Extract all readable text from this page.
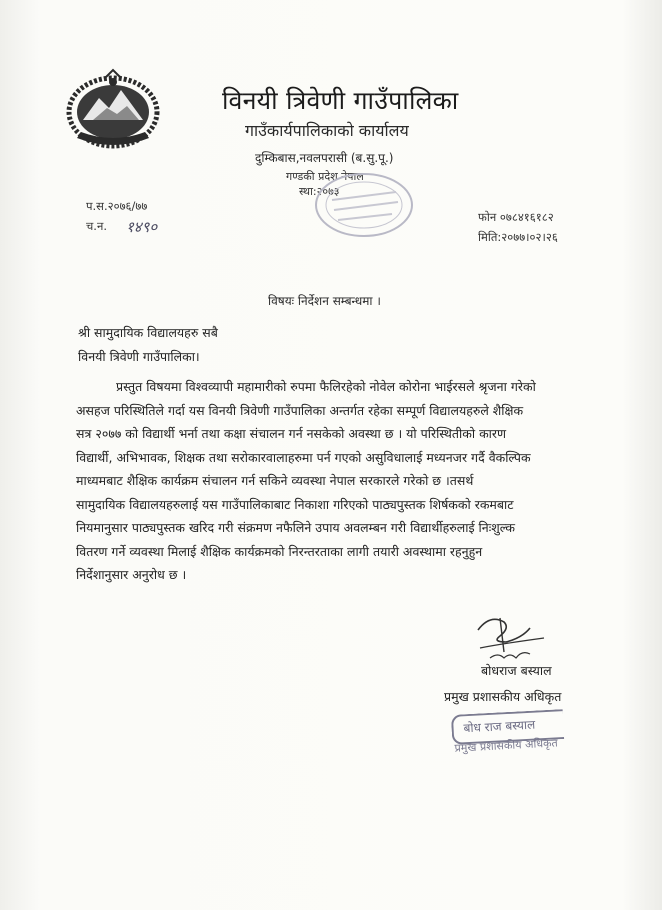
विनयी त्रिवेणी गाउँपालिका
गाउँकार्यपालिकाको कार्यालय
दुम्किबास,नवलपरासी (ब.सु.पू.)
गण्डकी प्रदेश नेपाल
स्था:२०७३
प.स.२०७६/७७
च.न. १४९०
फोन ०७८४१६१८२
मिति:२०७७।०२।२६
विषयः निर्देशन सम्बन्धमा ।
श्री सामुदायिक विद्यालयहरु सबै
विनयी त्रिवेणी गाउँपालिका।
प्रस्तुत विषयमा विश्वव्यापी महामारीको रुपमा फैलिरहेको नोवेल कोरोना भाईरसले श्रृजना गरेको
असहज परिस्थितिले गर्दा यस विनयी त्रिवेणी गाउँपालिका अन्तर्गत रहेका सम्पूर्ण विद्यालयहरुले शैक्षिक
सत्र २०७७ को विद्यार्थी भर्ना तथा कक्षा संचालन गर्न नसकेको अवस्था छ । यो परिस्थितीको कारण
विद्यार्थी, अभिभावक, शिक्षक तथा सरोकारवालाहरुमा पर्न गएको असुविधालाई मध्यनजर गर्दै वैकल्पिक
माध्यमबाट शैक्षिक कार्यक्रम संचालन गर्न सकिने व्यवस्था नेपाल सरकारले गरेको छ ।तसर्थ
सामुदायिक विद्यालयहरुलाई यस गाउँपालिकाबाट निकाशा गरिएको पाठ्यपुस्तक शिर्षकको रकमबाट
नियमानुसार पाठ्यपुस्तक खरिद गरी संक्रमण नफैलिने उपाय अवलम्बन गरी विद्यार्थीहरुलाई निःशुल्क
वितरण गर्ने व्यवस्था मिलाई शैक्षिक कार्यक्रमको निरन्तरताका लागी तयारी अवस्थामा रहनुहुन
निर्देशानुसार अनुरोध छ ।
बोधराज बस्याल
प्रमुख प्रशासकीय अधिकृत
बोध राज बस्याल
प्रमुख प्रशासकीय अधिकृत
